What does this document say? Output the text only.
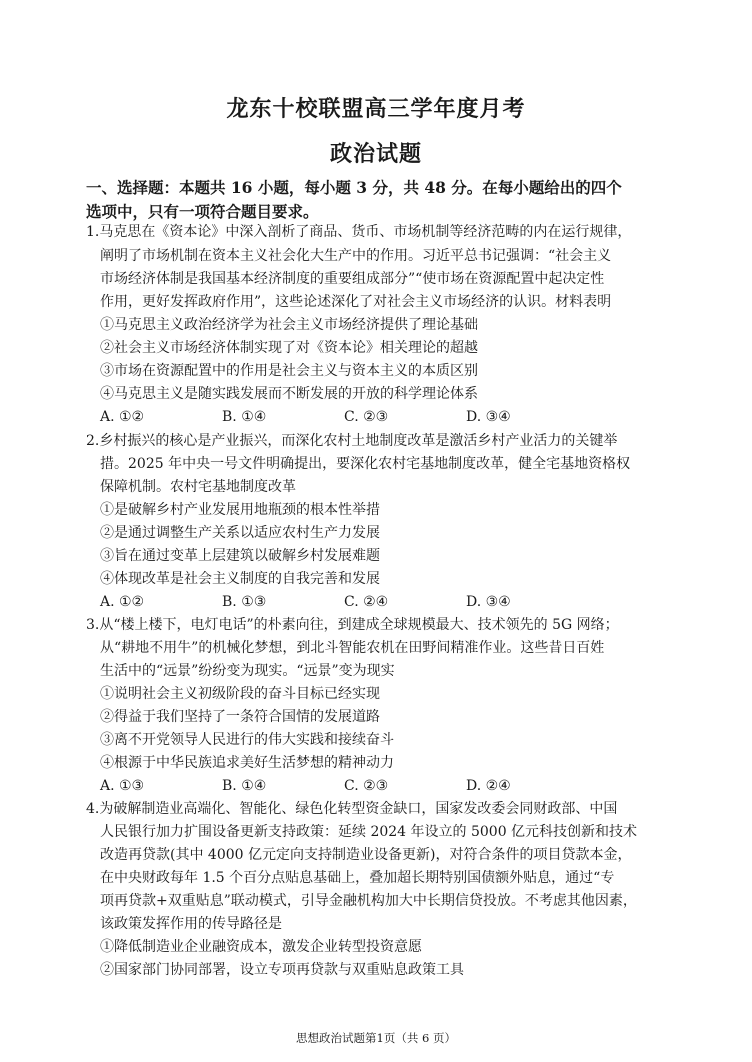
龙东十校联盟高三学年度月考
政治试题
一、选择题：本题共 16 小题，每小题 3 分，共 48 分。在每小题给出的四个
选项中，只有一项符合题目要求。
1.马克思在《资本论》中深入剖析了商品、货币、市场机制等经济范畴的内在运行规律，
阐明了市场机制在资本主义社会化大生产中的作用。习近平总书记强调：“社会主义
市场经济体制是我国基本经济制度的重要组成部分”“使市场在资源配置中起决定性
作用，更好发挥政府作用”，这些论述深化了对社会主义市场经济的认识。材料表明
①马克思主义政治经济学为社会主义市场经济提供了理论基础
②社会主义市场经济体制实现了对《资本论》相关理论的超越
③市场在资源配置中的作用是社会主义与资本主义的本质区别
④马克思主义是随实践发展而不断发展的开放的科学理论体系
A. ①②	B. ①④	C. ②③	D. ③④
2.乡村振兴的核心是产业振兴，而深化农村土地制度改革是激活乡村产业活力的关键举
措。2025 年中央一号文件明确提出，要深化农村宅基地制度改革，健全宅基地资格权
保障机制。农村宅基地制度改革
①是破解乡村产业发展用地瓶颈的根本性举措
②是通过调整生产关系以适应农村生产力发展
③旨在通过变革上层建筑以破解乡村发展难题
④体现改革是社会主义制度的自我完善和发展
A. ①②	B. ①③	C. ②④	D. ③④
3.从“楼上楼下，电灯电话”的朴素向往，到建成全球规模最大、技术领先的 5G 网络；
从“耕地不用牛”的机械化梦想，到北斗智能农机在田野间精准作业。这些昔日百姓
生活中的“远景”纷纷变为现实。“远景”变为现实
①说明社会主义初级阶段的奋斗目标已经实现
②得益于我们坚持了一条符合国情的发展道路
③离不开党领导人民进行的伟大实践和接续奋斗
④根源于中华民族追求美好生活梦想的精神动力
A. ①③	B. ①④	C. ②③	D. ②④
4.为破解制造业高端化、智能化、绿色化转型资金缺口，国家发改委会同财政部、中国
人民银行加力扩围设备更新支持政策：延续 2024 年设立的 5000 亿元科技创新和技术
改造再贷款(其中 4000 亿元定向支持制造业设备更新)，对符合条件的项目贷款本金，
在中央财政每年 1.5 个百分点贴息基础上，叠加超长期特别国债额外贴息，通过“专
项再贷款+双重贴息”联动模式，引导金融机构加大中长期信贷投放。不考虑其他因素，
该政策发挥作用的传导路径是
①降低制造业企业融资成本，激发企业转型投资意愿
②国家部门协同部署，设立专项再贷款与双重贴息政策工具
思想政治试题第1页（共 6 页）
